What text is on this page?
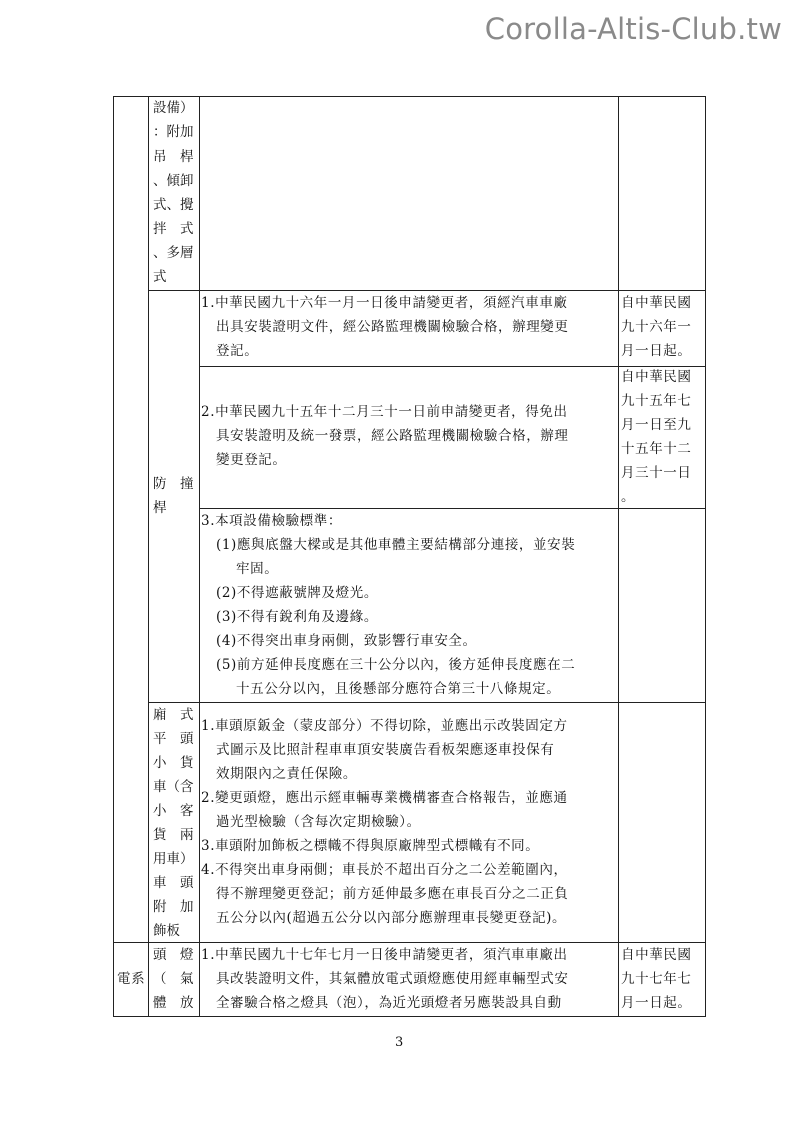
Corolla-Altis-Club.tw
設備）
：附加
吊　桿
、傾卸
式、攪
拌　式
、多層
式
防　撞
桿
1.中華民國九十六年一月一日後申請變更者，須經汽車車廠
出具安裝證明文件，經公路監理機關檢驗合格，辦理變更
登記。
自中華民國
九十六年一
月一日起。
2.中華民國九十五年十二月三十一日前申請變更者，得免出
具安裝證明及統一發票，經公路監理機關檢驗合格，辦理
變更登記。
自中華民國
九十五年七
月一日至九
十五年十二
月三十一日
。
3.本項設備檢驗標準：
(1)應與底盤大樑或是其他車體主要結構部分連接，並安裝
牢固。
(2)不得遮蔽號牌及燈光。
(3)不得有銳利角及邊緣。
(4)不得突出車身兩側，致影響行車安全。
(5)前方延伸長度應在三十公分以內，後方延伸長度應在二
十五公分以內，且後懸部分應符合第三十八條規定。
廂　式
平　頭
小　貨
車（含
小　客
貨　兩
用車）
車　頭
附　加
飾板
1.車頭原鈑金（蒙皮部分）不得切除，並應出示改裝固定方
式圖示及比照計程車車頂安裝廣告看板架應逐車投保有
效期限內之責任保險。
2.變更頭燈，應出示經車輛專業機構審查合格報告，並應通
過光型檢驗（含每次定期檢驗）。
3.車頭附加飾板之標幟不得與原廠牌型式標幟有不同。
4.不得突出車身兩側；車長於不超出百分之二公差範圍內，
得不辦理變更登記；前方延伸最多應在車長百分之二正負
五公分以內(超過五公分以內部分應辦理車長變更登記)。
電系
頭　燈
（　氣
體　放
1.中華民國九十七年七月一日後申請變更者，須汽車車廠出
具改裝證明文件，其氣體放電式頭燈應使用經車輛型式安
全審驗合格之燈具（泡），為近光頭燈者另應裝設具自動
自中華民國
九十七年七
月一日起。
3
